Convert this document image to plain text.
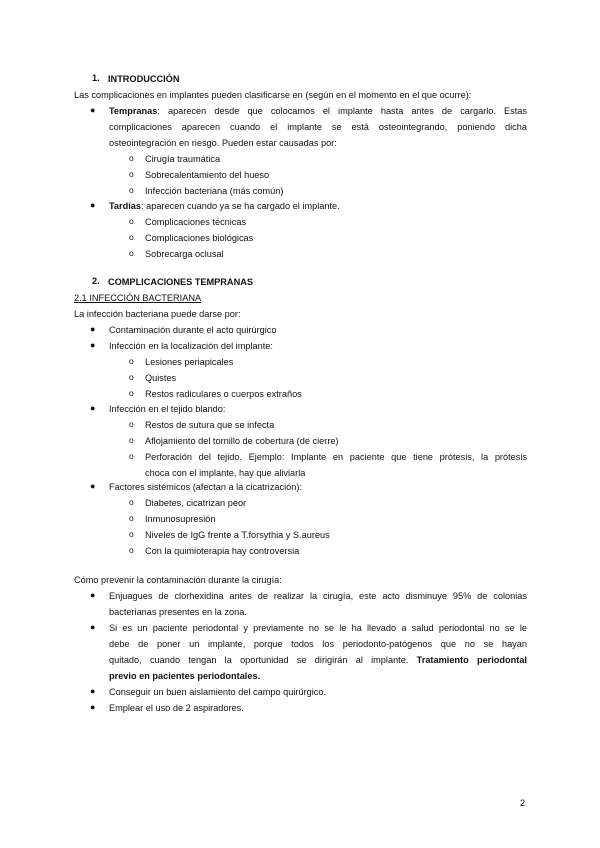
1. INTRODUCCIÓN
Las complicaciones en implantes pueden clasificarse en (según en el momento en el que ocurre):
● Tempranas: aparecen desde que colocamos el implante hasta antes de cargarlo. Estas
complicaciones aparecen cuando el implante se está osteointegrando, poniendo dicha
osteointegración en riesgo. Pueden estar causadas por:
o Cirugía traumática
o Sobrecalentamiento del hueso
o Infección bacteriana (más común)
● Tardías: aparecen cuando ya se ha cargado el implante.
o Complicaciones técnicas
o Complicaciones biológicas
o Sobrecarga oclusal
2. COMPLICACIONES TEMPRANAS
2.1 INFECCIÓN BACTERIANA
La infección bacteriana puede darse por:
● Contaminación durante el acto quirúrgico
● Infección en la localización del implante:
o Lesiones periapicales
o Quistes
o Restos radiculares o cuerpos extraños
● Infección en el tejido blando:
o Restos de sutura que se infecta
o Aflojamiento del tornillo de cobertura (de cierre)
o Perforación del tejido. Ejemplo: Implante en paciente que tiene prótesis, la prótesis
choca con el implante, hay que aliviarla
● Factores sistémicos (afectan a la cicatrización):
o Diabetes, cicatrizan peor
o Inmunosupresión
o Niveles de IgG frente a T.forsythia y S.aureus
o Con la quimioterapia hay controversia
Cómo prevenir la contaminación durante la cirugía:
● Enjuagues de clorhexidina antes de realizar la cirugía, este acto disminuye 95% de colonias
bacterianas presentes en la zona.
● Si es un paciente periodontal y previamente no se le ha llevado a salud periodontal no se le
debe de poner un implante, porque todos los periodonto-patógenos que no se hayan
quitado, cuando tengan la oportunidad se dirigirán al implante. Tratamiento periodontal
previo en pacientes periodontales.
● Conseguir un buen aislamiento del campo quirúrgico.
● Emplear el uso de 2 aspiradores.
2
